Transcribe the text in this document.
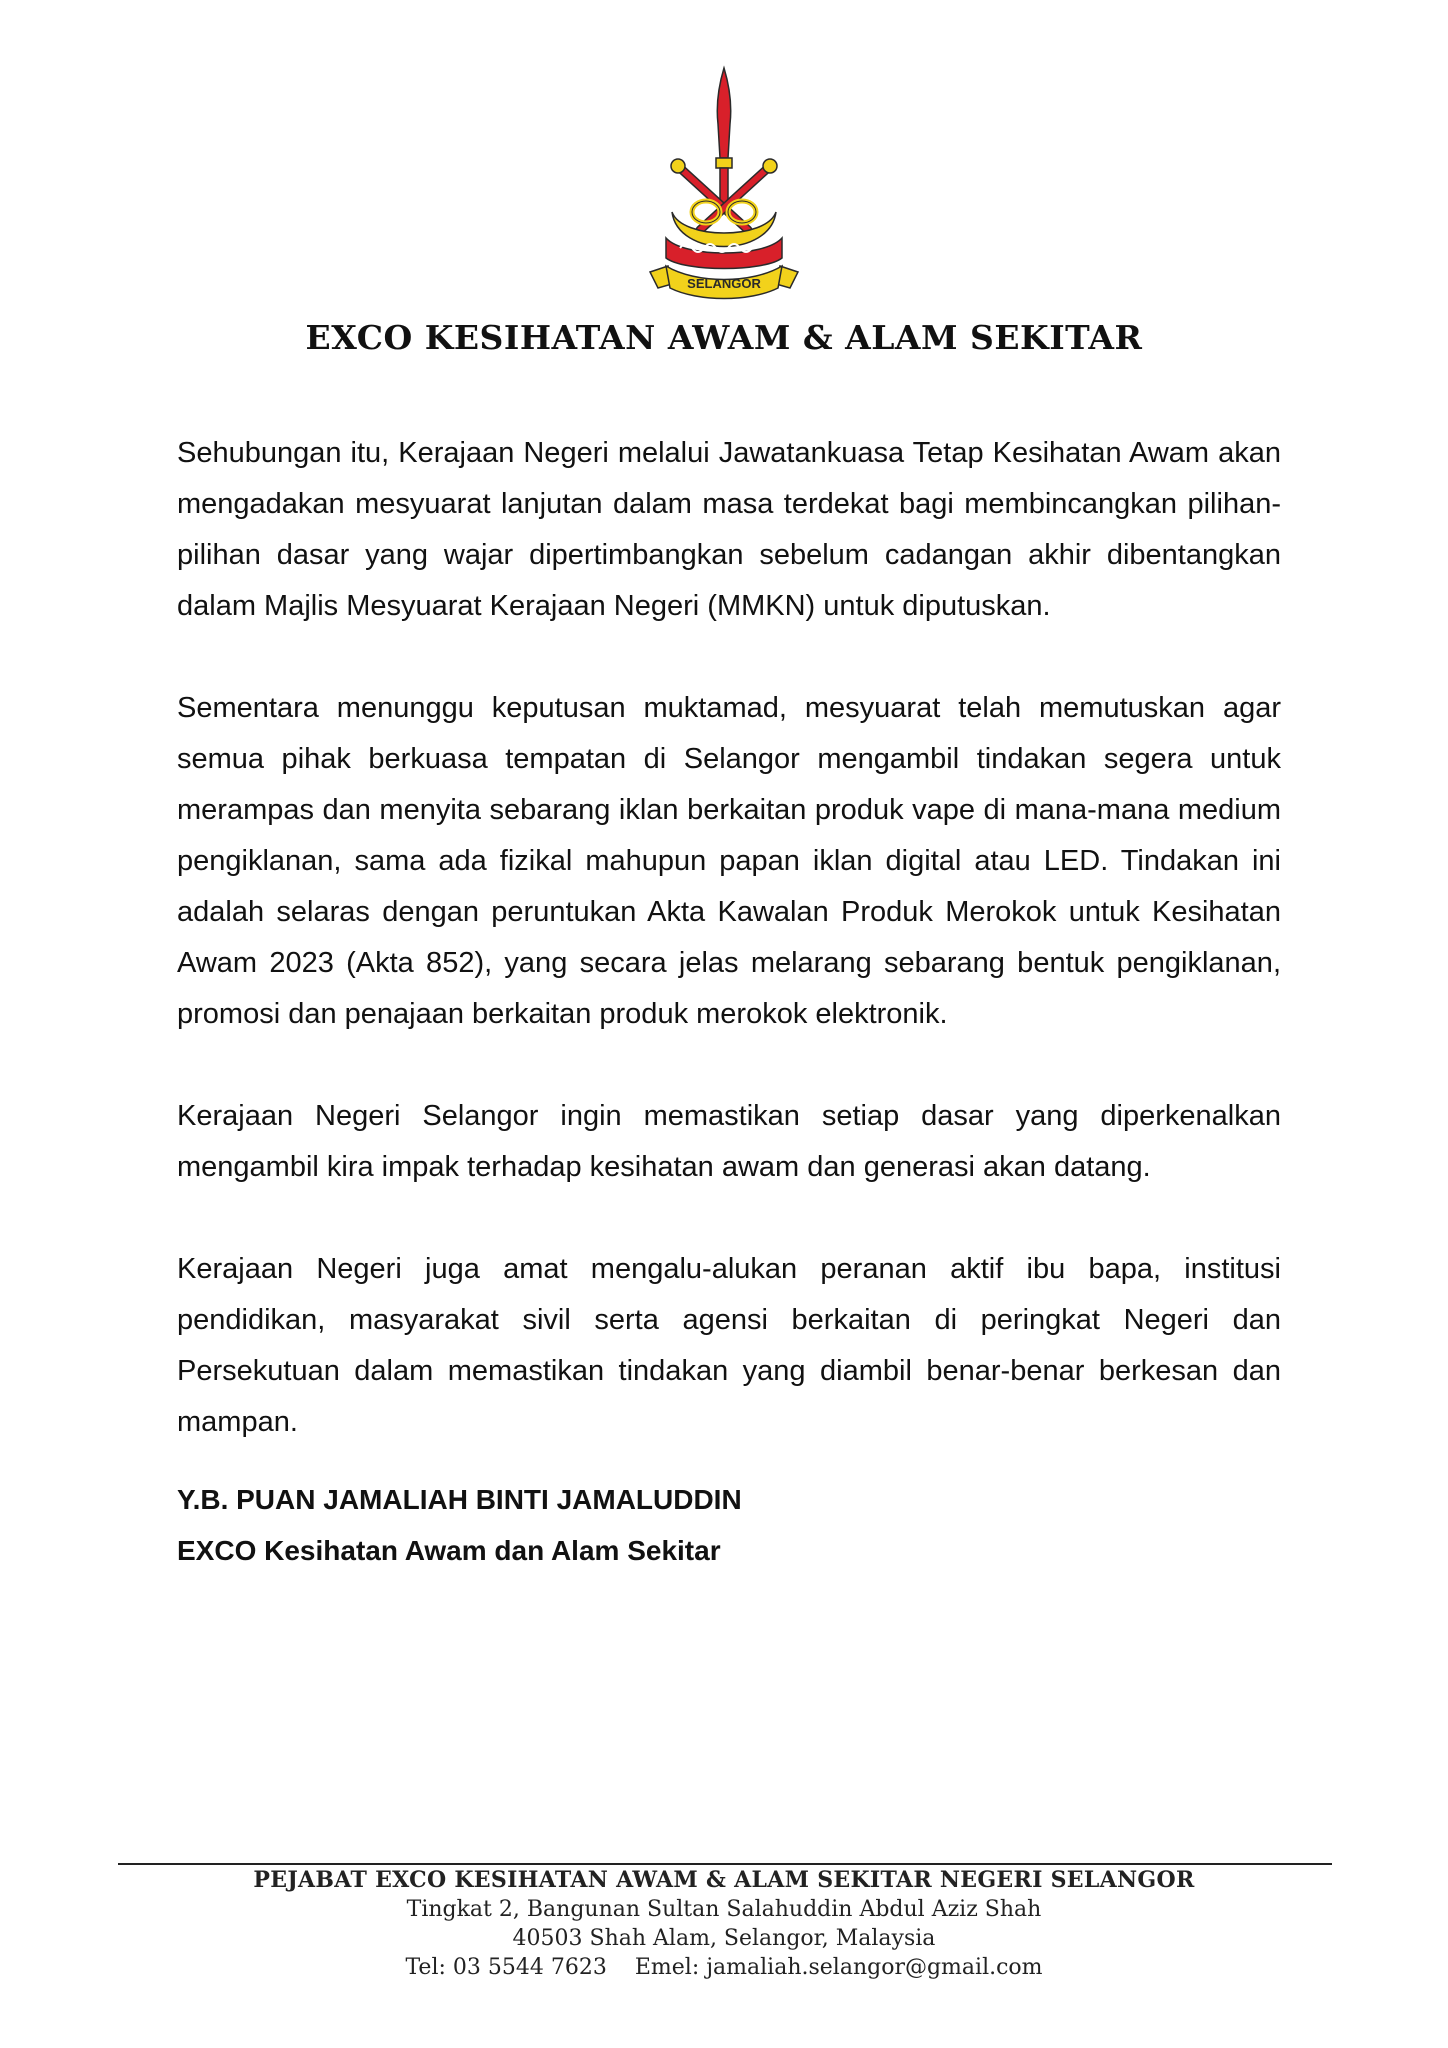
SELANGOR
EXCO KESIHATAN AWAM & ALAM SEKITAR

Sehubungan itu, Kerajaan Negeri melalui Jawatankuasa Tetap Kesihatan Awam akan mengadakan mesyuarat lanjutan dalam masa terdekat bagi membincangkan pilihan-pilihan dasar yang wajar dipertimbangkan sebelum cadangan akhir dibentangkan dalam Majlis Mesyuarat Kerajaan Negeri (MMKN) untuk diputuskan.

Sementara menunggu keputusan muktamad, mesyuarat telah memutuskan agar semua pihak berkuasa tempatan di Selangor mengambil tindakan segera untuk merampas dan menyita sebarang iklan berkaitan produk vape di mana-mana medium pengiklanan, sama ada fizikal mahupun papan iklan digital atau LED. Tindakan ini adalah selaras dengan peruntukan Akta Kawalan Produk Merokok untuk Kesihatan Awam 2023 (Akta 852), yang secara jelas melarang sebarang bentuk pengiklanan, promosi dan penajaan berkaitan produk merokok elektronik.

Kerajaan Negeri Selangor ingin memastikan setiap dasar yang diperkenalkan mengambil kira impak terhadap kesihatan awam dan generasi akan datang.

Kerajaan Negeri juga amat mengalu-alukan peranan aktif ibu bapa, institusi pendidikan, masyarakat sivil serta agensi berkaitan di peringkat Negeri dan Persekutuan dalam memastikan tindakan yang diambil benar-benar berkesan dan mampan.

Y.B. PUAN JAMALIAH BINTI JAMALUDDIN
EXCO Kesihatan Awam dan Alam Sekitar
PEJABAT EXCO KESIHATAN AWAM & ALAM SEKITAR NEGERI SELANGOR
Tingkat 2, Bangunan Sultan Salahuddin Abdul Aziz Shah
40503 Shah Alam, Selangor, Malaysia
Tel: 03 5544 7623 Emel: jamaliah.selangor@gmail.com
